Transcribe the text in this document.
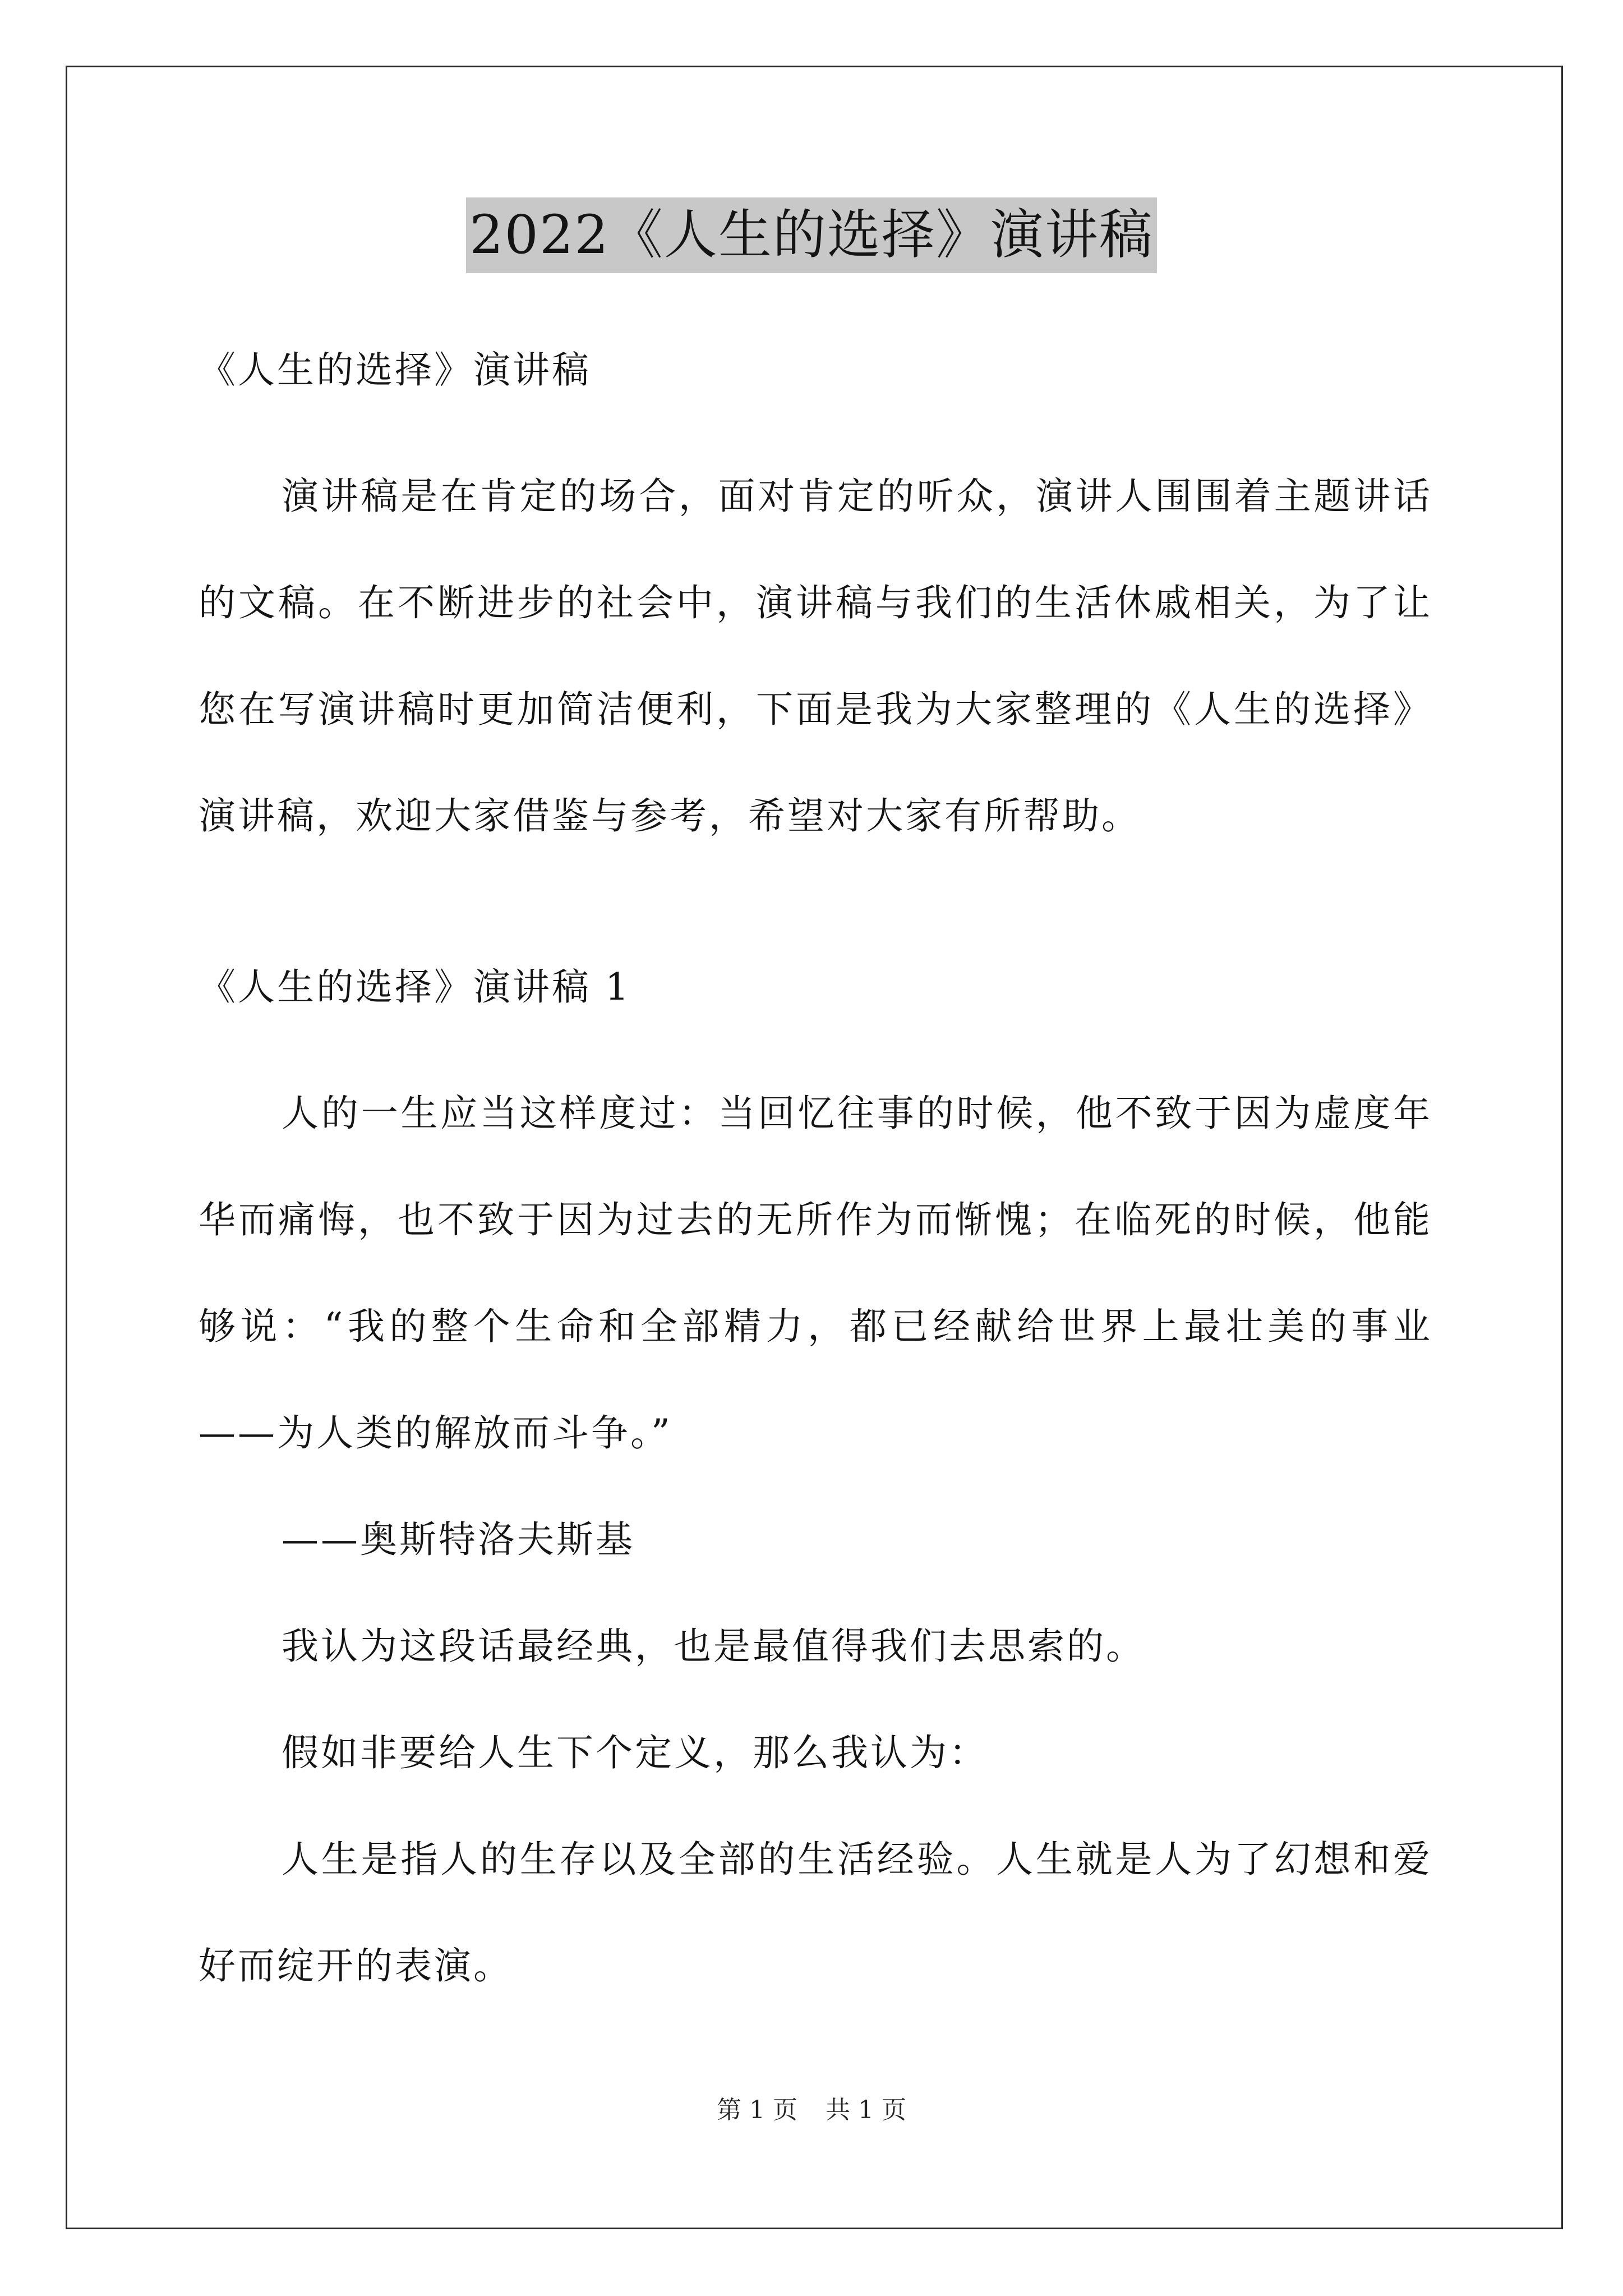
2022《人生的选择》演讲稿

《人生的选择》演讲稿

演讲稿是在肯定的场合，面对肯定的听众，演讲人围围着主题讲话的文稿。在不断进步的社会中，演讲稿与我们的生活休戚相关，为了让您在写演讲稿时更加简洁便利，下面是我为大家整理的《人生的选择》演讲稿，欢迎大家借鉴与参考，希望对大家有所帮助。

《人生的选择》演讲稿 1

人的一生应当这样度过：当回忆往事的时候，他不致于因为虚度年华而痛悔，也不致于因为过去的无所作为而惭愧；在临死的时候，他能够说：“我的整个生命和全部精力，都已经献给世界上最壮美的事业——为人类的解放而斗争。”

——奥斯特洛夫斯基

我认为这段话最经典，也是最值得我们去思索的。

假如非要给人生下个定义，那么我认为：

人生是指人的生存以及全部的生活经验。人生就是人为了幻想和爱好而绽开的表演。

第 1 页 共 1 页
